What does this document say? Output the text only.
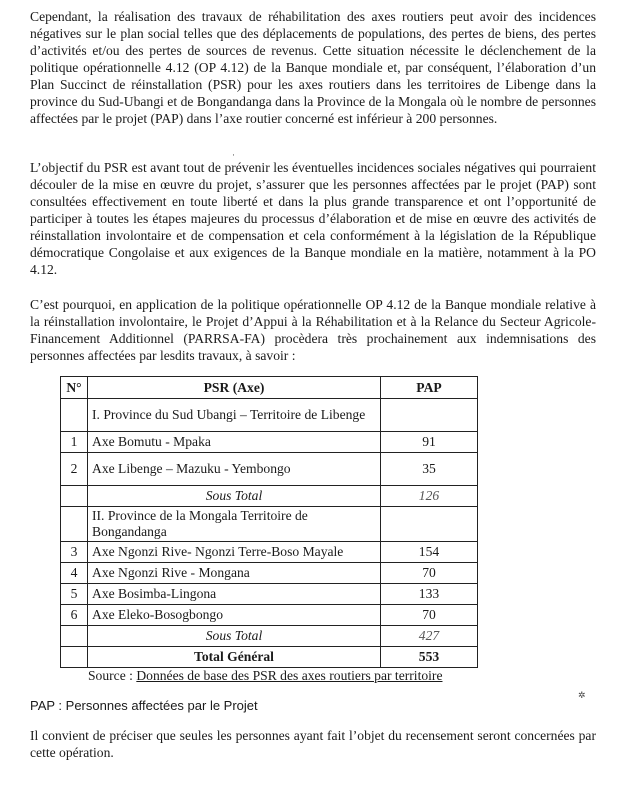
Cependant, la réalisation des travaux de réhabilitation des axes routiers peut avoir des incidences négatives sur le plan social telles que des déplacements de populations, des pertes de biens, des pertes d’activités et/ou des pertes de sources de revenus. Cette situation nécessite le déclenchement de la politique opérationnelle 4.12 (OP 4.12) de la Banque mondiale et, par conséquent, l’élaboration d’un Plan Succinct de réinstallation (PSR) pour les axes routiers dans les territoires de Libenge dans la province du Sud-Ubangi et de Bongandanga dans la Province de la Mongala où le nombre de personnes affectées par le projet (PAP) dans l’axe routier concerné est inférieur à 200 personnes.

L’objectif du PSR est avant tout de prévenir les éventuelles incidences sociales négatives qui pourraient découler de la mise en œuvre du projet, s’assurer que les personnes affectées par le projet (PAP) sont consultées effectivement en toute liberté et dans la plus grande transparence et ont l’opportunité de participer à toutes les étapes majeures du processus d’élaboration et de mise en œuvre des activités de réinstallation involontaire et de compensation et cela conformément à la législation de la République démocratique Congolaise et aux exigences de la Banque mondiale en la matière, notamment à la PO 4.12.

C’est pourquoi, en application de la politique opérationnelle OP 4.12 de la Banque mondiale relative à la réinstallation involontaire, le Projet d’Appui à la Réhabilitation et à la Relance du Secteur Agricole- Financement Additionnel (PARRSA-FA) procèdera très prochainement aux indemnisations des personnes affectées par lesdits travaux, à savoir :

N°	PSR (Axe)	PAP
	I. Province du Sud Ubangi – Territoire de Libenge	
1	Axe Bomutu - Mpaka	91
2	Axe Libenge – Mazuku - Yembongo	35
	Sous Total	126
	II. Province de la Mongala Territoire de Bongandanga	
3	Axe Ngonzi Rive- Ngonzi Terre-Boso Mayale	154
4	Axe Ngonzi Rive - Mongana	70
5	Axe Bosimba-Lingona	133
6	Axe Eleko-Bosogbongo	70
	Sous Total	427
	Total Général	553

Source : Données de base des PSR des axes routiers par territoire

PAP : Personnes affectées par le Projet

Il convient de préciser que seules les personnes ayant fait l’objet du recensement seront concernées par cette opération.

·
✲
